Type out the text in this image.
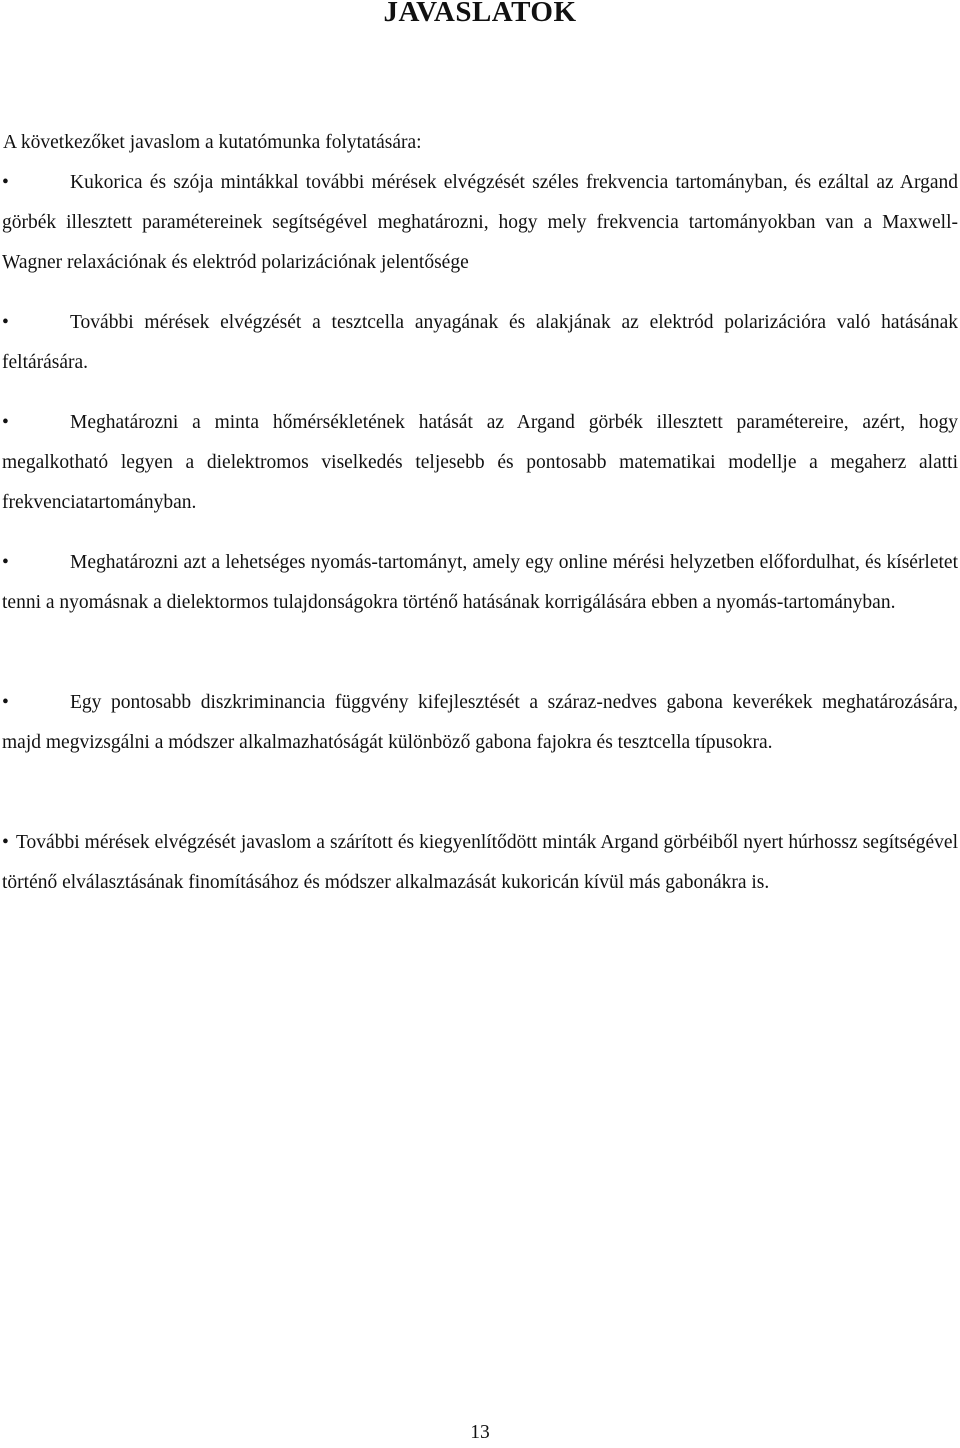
JAVASLATOK
A következőket javaslom a kutatómunka folytatására:
•	Kukorica és szója mintákkal további mérések elvégzését széles frekvencia tartományban, és ezáltal az Argand görbék illesztett paramétereinek segítségével meghatározni, hogy mely frekvencia tartományokban van a Maxwell-Wagner relaxációnak és elektród polarizációnak jelentősége
•	További mérések elvégzését a tesztcella anyagának és alakjának az elektród polarizációra való hatásának feltárására.
•	Meghatározni a minta hőmérsékletének hatását az Argand görbék illesztett paramétereire, azért, hogy megalkotható legyen a dielektromos viselkedés teljesebb és pontosabb matematikai modellje a megaherz alatti frekvenciatartományban.
•	Meghatározni azt a lehetséges nyomás-tartományt, amely egy online mérési helyzetben előfordulhat, és kísérletet tenni a nyomásnak a dielektormos tulajdonságokra történő hatásának korrigálására ebben a nyomás-tartományban.
•	Egy pontosabb diszkriminancia függvény kifejlesztését a száraz-nedves gabona keverékek meghatározására, majd megvizsgálni a módszer alkalmazhatóságát különböző gabona fajokra és tesztcella típusokra.
• További mérések elvégzését javaslom a szárított és kiegyenlítődött minták Argand görbéiből nyert húrhossz segítségével történő elválasztásának finomításához és módszer alkalmazását kukoricán kívül más gabonákra is.
13
